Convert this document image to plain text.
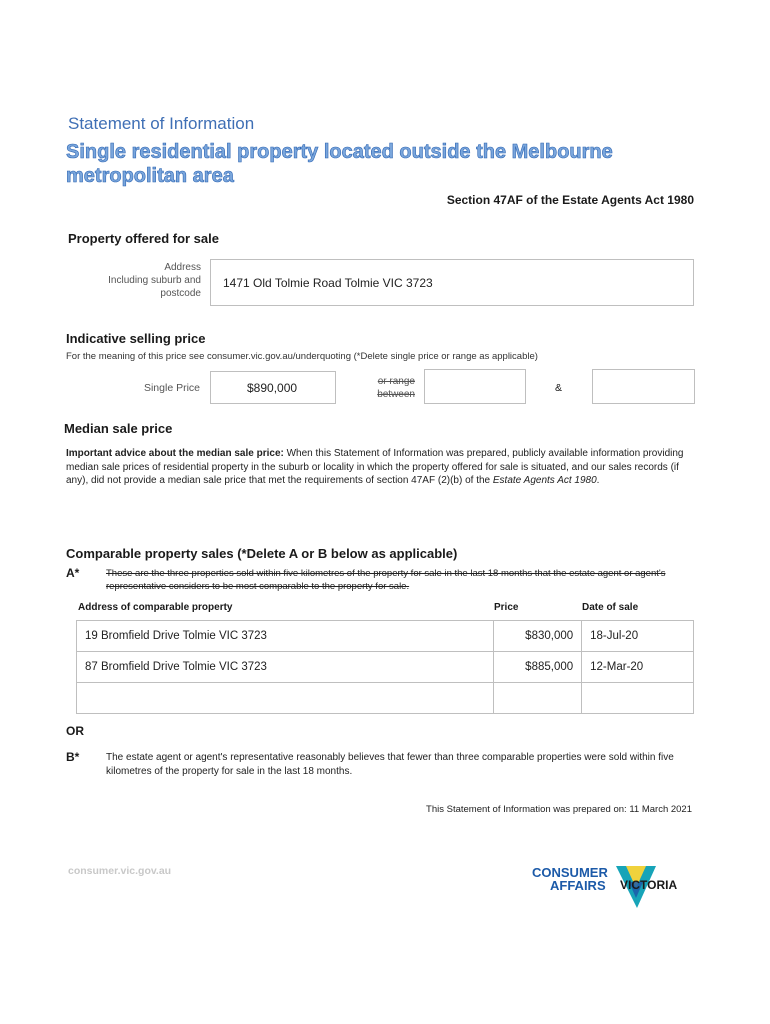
Statement of Information
Single residential property located outside the Melbourne metropolitan area
Section 47AF of the Estate Agents Act 1980
Property offered for sale
Address
Including suburb and
postcode
1471 Old Tolmie Road Tolmie VIC 3723
Indicative selling price
For the meaning of this price see consumer.vic.gov.au/underquoting (*Delete single price or range as applicable)
Single Price	$890,000	or range
between
&
Median sale price
Important advice about the median sale price: When this Statement of Information was prepared, publicly available information providing median sale prices of residential property in the suburb or locality in which the property offered for sale is situated, and our sales records (if any), did not provide a median sale price that met the requirements of section 47AF (2)(b) of the Estate Agents Act 1980.
Comparable property sales (*Delete A or B below as applicable)
A*	These are the three properties sold within five kilometres of the property for sale in the last 18 months that the estate agent or agent's representative considers to be most comparable to the property for sale.
Address of comparable property	Price	Date of sale
19 Bromfield Drive Tolmie VIC 3723	$830,000	18-Jul-20
87 Bromfield Drive Tolmie VIC 3723	$885,000	12-Mar-20

OR
B*	The estate agent or agent's representative reasonably believes that fewer than three comparable properties were sold within five kilometres of the property for sale in the last 18 months.
This Statement of Information was prepared on: 11 March 2021
consumer.vic.gov.au	CONSUMER
AFFAIRS VICTORIA
